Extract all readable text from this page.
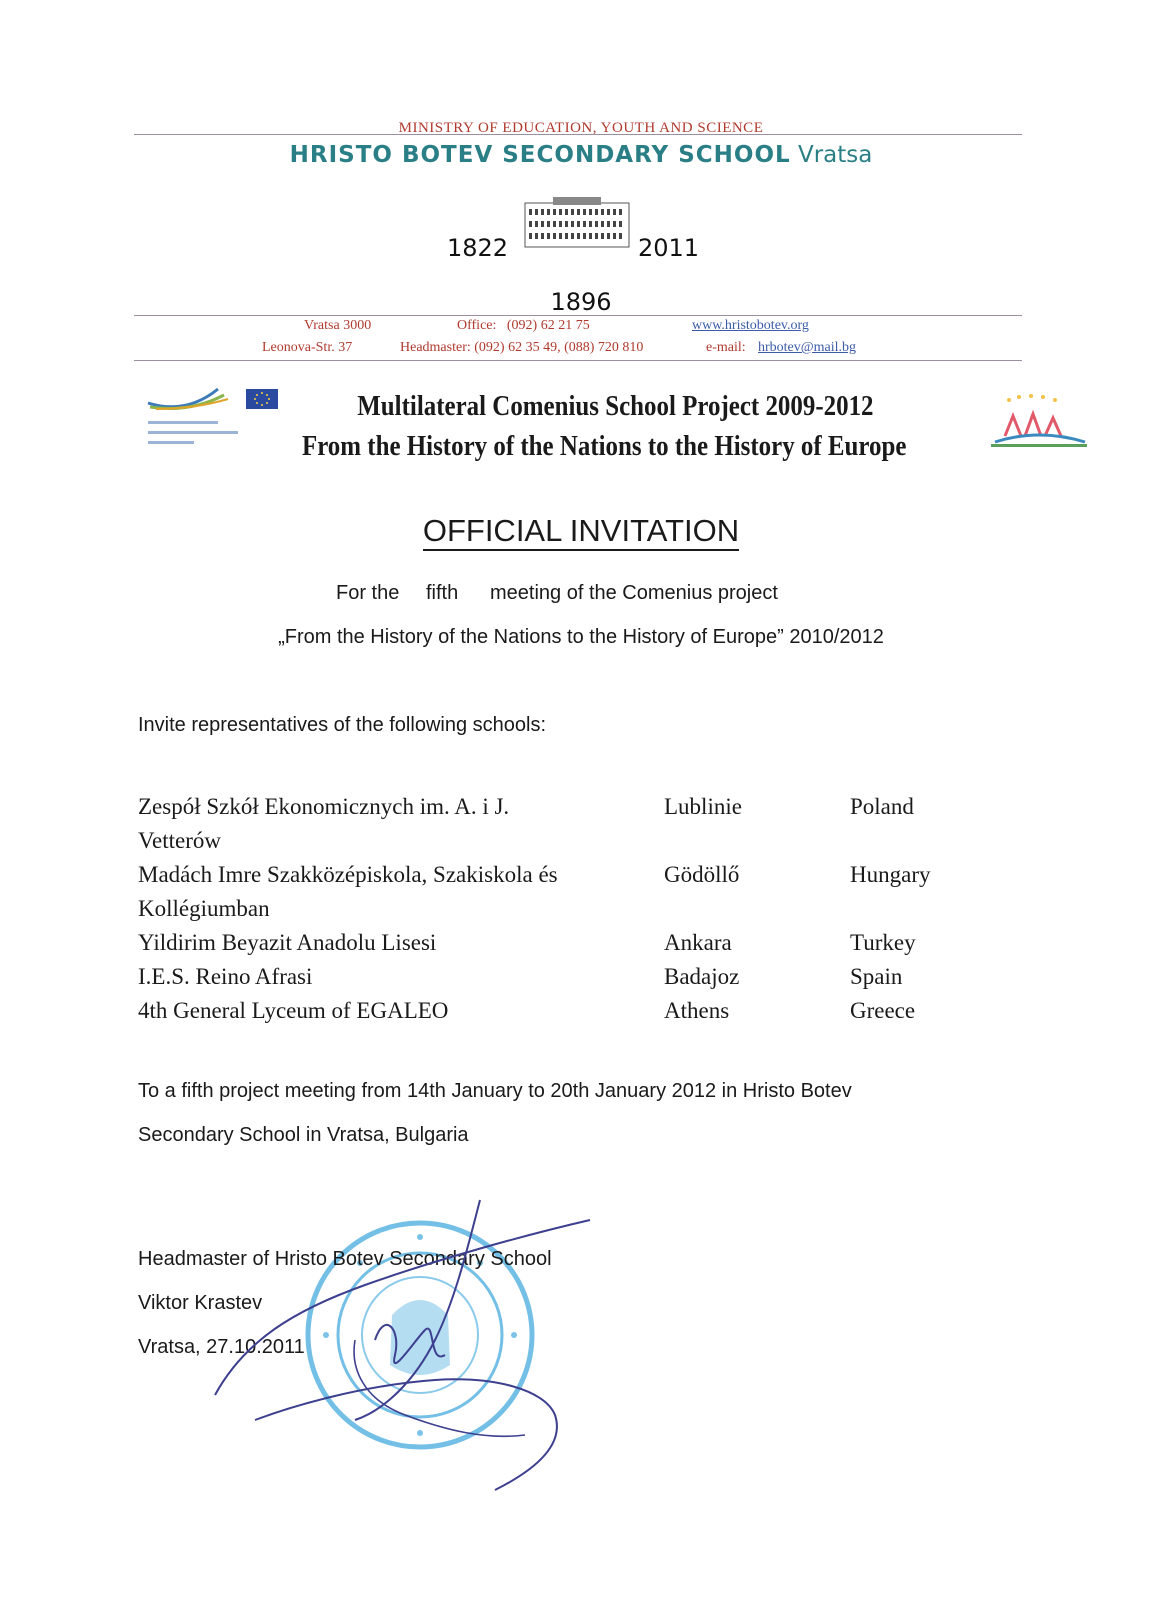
MINISTRY OF EDUCATION, YOUTH AND SCIENCE
HRISTO BOTEV SECONDARY SCHOOL Vratsa
1822	2011
1896
Vratsa 3000
Leonova-Str. 37
Office:   (092) 62 21 75
Headmaster: (092) 62 35 49, (088) 720 810
www.hristobotev.org
e-mail: hrbotev@mail.bg
Multilateral Comenius School Project 2009-2012
From the History of the Nations to the History of Europe
OFFICIAL INVITATION
For the fifth meeting of the Comenius project
„From the History of the Nations to the History of Europe” 2010/2012
Invite representatives of the following schools:
Zespół Szkół Ekonomicznych im. A. i J.
Vetterów
Lublinie	Poland
Madách Imre Szakközépiskola, Szakiskola és
Kollégiumban
Gödöllő	Hungary
Yildirim Beyazit Anadolu Lisesi	Ankara	Turkey
I.E.S. Reino Afrasi	Badajoz	Spain
4th General Lyceum of EGALEO	Athens	Greece
To a fifth project meeting from 14th January to 20th January 2012 in Hristo Botev
Secondary School in Vratsa, Bulgaria
Headmaster of Hristo Botev Secondary School
Viktor Krastev
Vratsa, 27.10.2011
